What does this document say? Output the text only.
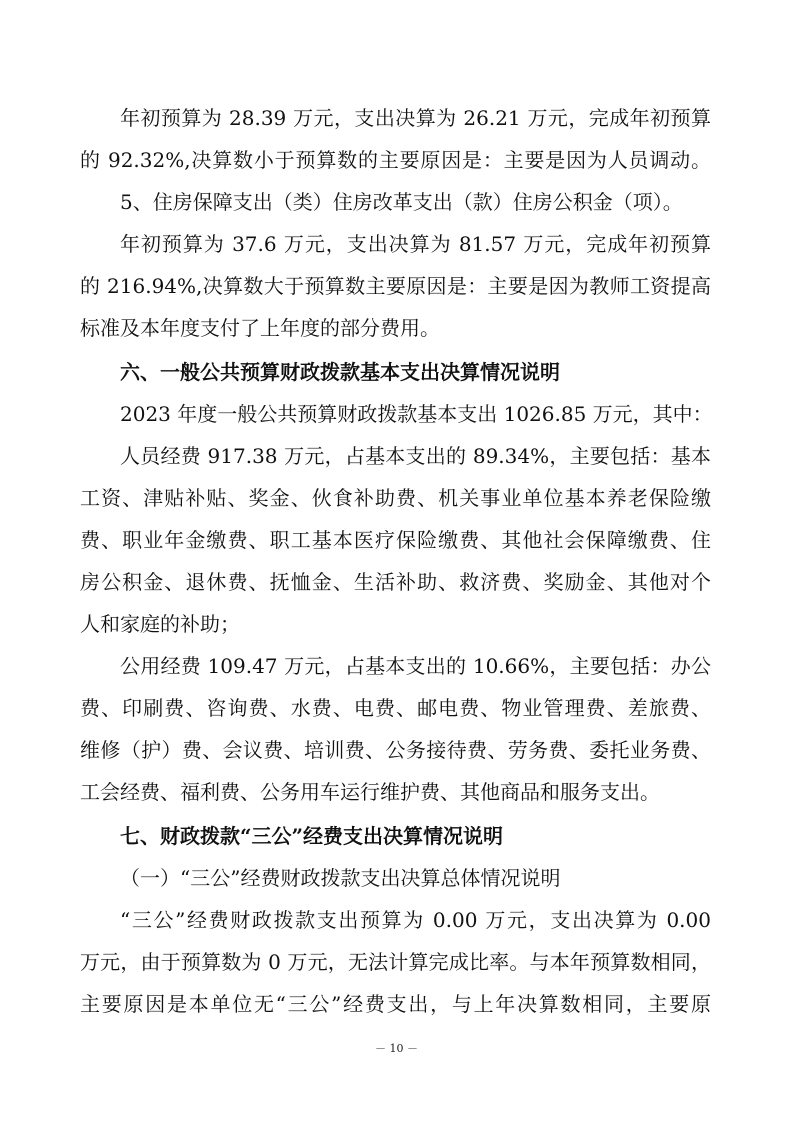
年初预算为 28.39 万元，支出决算为 26.21 万元，完成年初预算
的 92.32%,决算数小于预算数的主要原因是：主要是因为人员调动。
5、住房保障支出（类）住房改革支出（款）住房公积金（项）。
年初预算为 37.6 万元，支出决算为 81.57 万元，完成年初预算
的 216.94%,决算数大于预算数主要原因是：主要是因为教师工资提高
标准及本年度支付了上年度的部分费用。
六、一般公共预算财政拨款基本支出决算情况说明
2023 年度一般公共预算财政拨款基本支出 1026.85 万元，其中：
人员经费 917.38 万元，占基本支出的 89.34%，主要包括：基本
工资、津贴补贴、奖金、伙食补助费、机关事业单位基本养老保险缴
费、职业年金缴费、职工基本医疗保险缴费、其他社会保障缴费、住
房公积金、退休费、抚恤金、生活补助、救济费、奖励金、其他对个
人和家庭的补助；
公用经费 109.47 万元，占基本支出的 10.66%，主要包括：办公
费、印刷费、咨询费、水费、电费、邮电费、物业管理费、差旅费、
维修（护）费、会议费、培训费、公务接待费、劳务费、委托业务费、
工会经费、福利费、公务用车运行维护费、其他商品和服务支出。
七、财政拨款“三公”经费支出决算情况说明
（一）“三公”经费财政拨款支出决算总体情况说明
“三公”经费财政拨款支出预算为 0.00 万元，支出决算为 0.00
万元，由于预算数为 0 万元，无法计算完成比率。与本年预算数相同，
主要原因是本单位无“三公”经费支出，与上年决算数相同，主要原
－ 10 －
